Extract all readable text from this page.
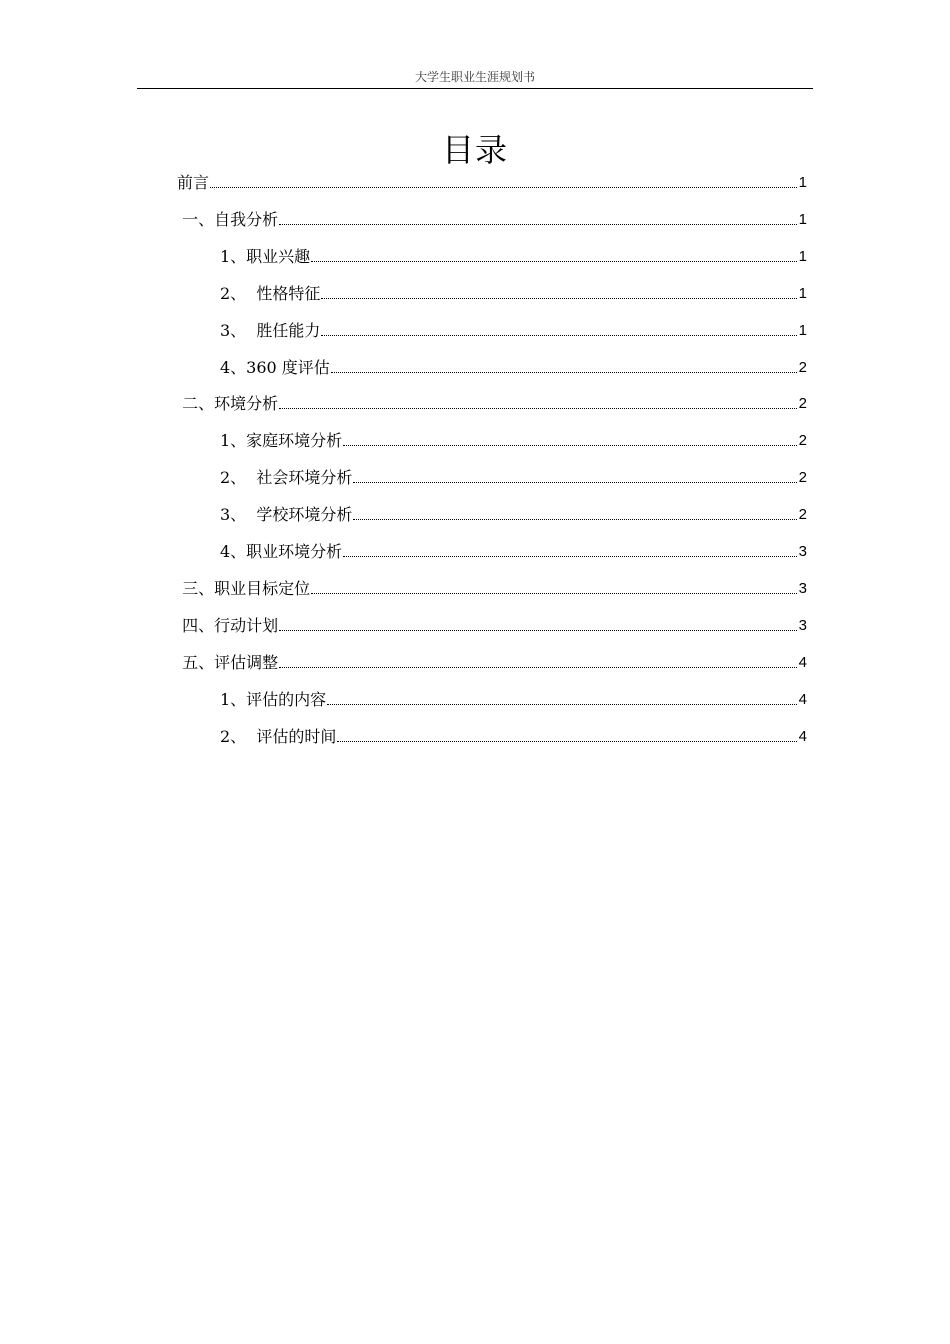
大学生职业生涯规划书
目录
前言	1
一、自我分析	1
1、职业兴趣	1
2、  性格特征	1
3、  胜任能力	1
4、360 度评估	2
二、环境分析	2
1、家庭环境分析	2
2、  社会环境分析	2
3、  学校环境分析	2
4、职业环境分析	3
三、职业目标定位	3
四、行动计划	3
五、评估调整	4
1、评估的内容	4
2、  评估的时间	4
